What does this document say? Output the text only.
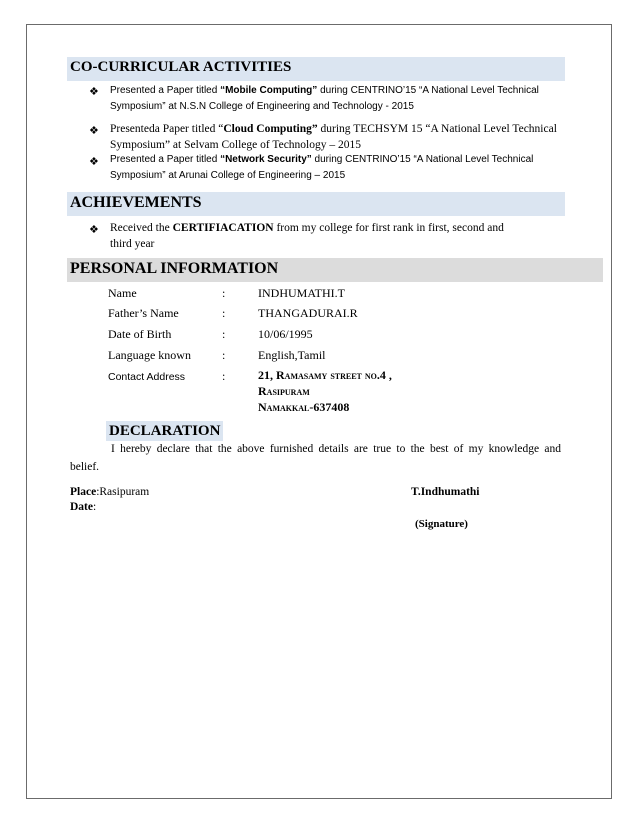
CO-CURRICULAR ACTIVITIES
❖ Presented a Paper titled “Mobile Computing” during CENTRINO’15 “A National Level Technical
Symposium” at N.S.N College of Engineering and Technology - 2015
❖ Presenteda Paper titled “Cloud Computing” during TECHSYM 15 “A National Level Technical
Symposium” at Selvam College of Technology – 2015
❖ Presented a Paper titled “Network Security” during CENTRINO’15 “A National Level Technical
Symposium” at Arunai College of Engineering – 2015
ACHIEVEMENTS
❖ Received the CERTIFIACATION from my college for first rank in first, second and
third year
PERSONAL INFORMATION
Name	:	INDHUMATHI.T
Father’s Name	:	THANGADURAI.R
Date of Birth	:	10/06/1995
Language known	:	English,Tamil
Contact Address	:	21, Ramasamy street no.4 ,
Rasipuram
Namakkal-637408
DECLARATION
I hereby declare that the above furnished details are true to the best of my knowledge and
belief.
Place:Rasipuram
Date:
T.Indhumathi
(Signature)
